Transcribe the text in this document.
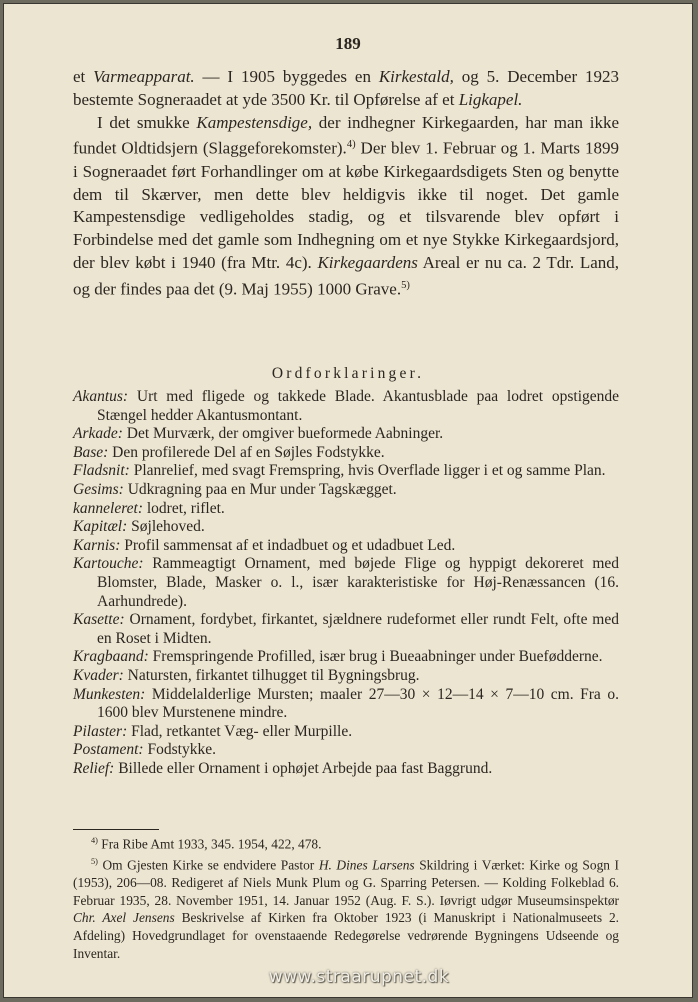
189

et Varmeapparat. — I 1905 byggedes en Kirkestald, og 5. December 1923 bestemte Sogneraadet at yde 3500 Kr. til Opførelse af et Ligkapel.

I det smukke Kampestensdige, der indhegner Kirkegaarden, har man ikke fundet Oldtidsjern (Slaggeforekomster).$^{4)}$ Der blev 1. Februar og 1. Marts 1899 i Sogneraadet ført Forhandlinger om at købe Kirkegaardsdigets Sten og benytte dem til Skærver, men dette blev heldigvis ikke til noget. Det gamle Kampestensdige vedligeholdes stadig, og et tilsvarende blev opført i Forbindelse med det gamle som Indhegning om et nye Stykke Kirkegaardsjord, der blev købt i 1940 (fra Mtr. 4c). Kirkegaardens Areal er nu ca. 2 Tdr. Land, og der findes paa det (9. Maj 1955) 1000 Grave.$^{5)}$

Ordforklaringer.

Akantus: Urt med fligede og takkede Blade. Akantusblade paa lodret opstigende Stængel hedder Akantusmontant.

Arkade: Det Murværk, der omgiver bueformede Aabninger.

Base: Den profilerede Del af en Søjles Fodstykke.

Fladsnit: Planrelief, med svagt Fremspring, hvis Overflade ligger i et og samme Plan.

Gesims: Udkragning paa en Mur under Tagskægget.

kanneleret: lodret, riflet.

Kapitæl: Søjlehoved.

Karnis: Profil sammensat af et indadbuet og et udadbuet Led.

Kartouche: Rammeagtigt Ornament, med bøjede Flige og hyppigt dekoreret med Blomster, Blade, Masker o. l., især karakteristiske for Høj-Renæssancen (16. Aarhundrede).

Kasette: Ornament, fordybet, firkantet, sjældnere rudeformet eller rundt Felt, ofte med en Roset i Midten.

Kragbaand: Fremspringende Profilled, især brug i Bueaabninger under Buefødderne.

Kvader: Natursten, firkantet tilhugget til Bygningsbrug.

Munkesten: Middelalderlige Mursten; maaler 27—30 × 12—14 × 7—10 cm. Fra o. 1600 blev Murstenene mindre.

Pilaster: Flad, retkantet Væg- eller Murpille.

Postament: Fodstykke.

Relief: Billede eller Ornament i ophøjet Arbejde paa fast Baggrund.

$^{4)}$ Fra Ribe Amt 1933, 345. 1954, 422, 478.

$^{5)}$ Om Gjesten Kirke se endvidere Pastor H. Dines Larsens Skildring i Værket: Kirke og Sogn I (1953), 206—08. Redigeret af Niels Munk Plum og G. Sparring Petersen. — Kolding Folkeblad 6. Februar 1935, 28. November 1951, 14. Januar 1952 (Aug. F. S.). Iøvrigt udgør Museumsinspektør Chr. Axel Jensens Beskrivelse af Kirken fra Oktober 1923 (i Manuskript i Nationalmuseets 2. Afdeling) Hovedgrundlaget for ovenstaaende Redegørelse vedrørende Bygningens Udseende og Inventar.

www.straarupnet.dk
